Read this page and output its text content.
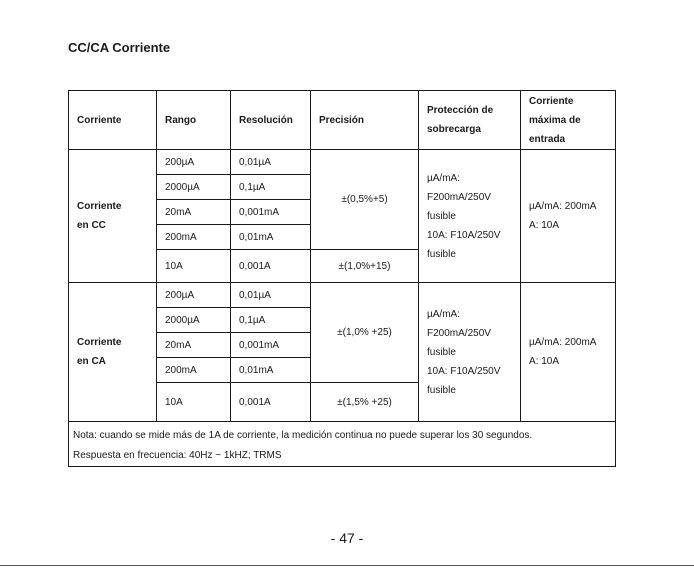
CC/CA Corriente
Corriente	Rango	Resolución	Precisión	Protección de
sobrecarga	Corriente
máxima de
entrada

Corriente
en CC	200µA	0,01µA	±(0,5%+5)	µA/mA:
F200mA/250V
fusible
10A: F10A/250V
fusible	µA/mA: 200mA
A: 10A

	2000µA	0,1µA			
	20mA	0,001mA			
	200mA	0,01mA			
	10A	0,001A	±(1,0%+15)		

Corriente
en CA	200µA	0,01µA	±(1,0% +25)	µA/mA:
F200mA/250V
fusible
10A: F10A/250V
fusible	µA/mA: 200mA
A: 10A

	2000µA	0,1µA			
	20mA	0,001mA			
	200mA	0,01mA			
	10A	0,001A	±(1,5% +25)		
Nota: cuando se mide más de 1A de corriente, la medición continua no puede superar los 30 segundos.					
Respuesta en frecuencia: 40Hz ~ 1kHZ; TRMS					
- 47 -
